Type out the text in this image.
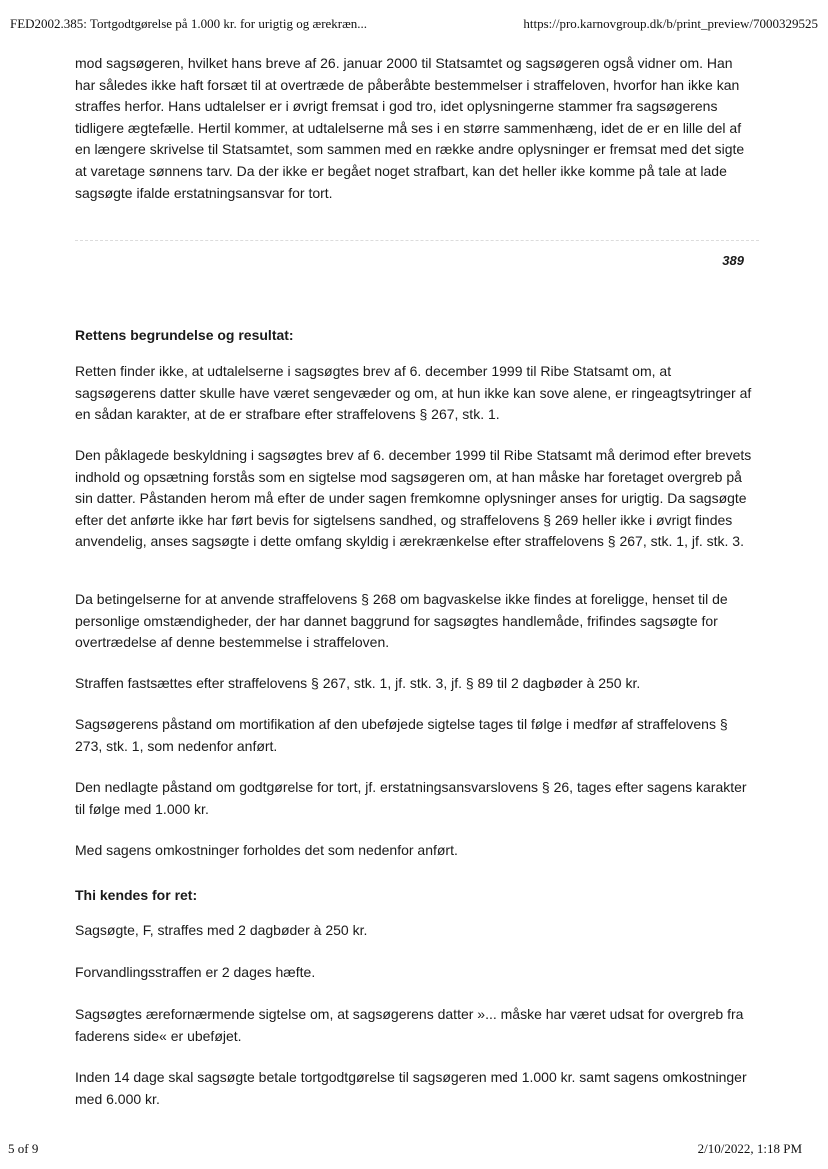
FED2002.385: Tortgodtgørelse på 1.000 kr. for urigtig og ærekræn...	https://pro.karnovgroup.dk/b/print_preview/7000329525

mod sagsøgeren, hvilket hans breve af 26. januar 2000 til Statsamtet og sagsøgeren også vidner om. Han har således ikke haft forsæt til at overtræde de påberåbte bestemmelser i straffeloven, hvorfor han ikke kan straffes herfor. Hans udtalelser er i øvrigt fremsat i god tro, idet oplysningerne stammer fra sagsøgerens tidligere ægtefælle. Hertil kommer, at udtalelserne må ses i en større sammenhæng, idet de er en lille del af en længere skrivelse til Statsamtet, som sammen med en række andre oplysninger er fremsat med det sigte at varetage sønnens tarv. Da der ikke er begået noget strafbart, kan det heller ikke komme på tale at lade sagsøgte ifalde erstatningsansvar for tort.

389
Rettens begrundelse og resultat:

Retten finder ikke, at udtalelserne i sagsøgtes brev af 6. december 1999 til Ribe Statsamt om, at sagsøgerens datter skulle have været sengevæder og om, at hun ikke kan sove alene, er ringeagtsytringer af en sådan karakter, at de er strafbare efter straffelovens § 267, stk. 1.

Den påklagede beskyldning i sagsøgtes brev af 6. december 1999 til Ribe Statsamt må derimod efter brevets indhold og opsætning forstås som en sigtelse mod sagsøgeren om, at han måske har foretaget overgreb på sin datter. Påstanden herom må efter de under sagen fremkomne oplysninger anses for urigtig. Da sagsøgte efter det anførte ikke har ført bevis for sigtelsens sandhed, og straffelovens § 269 heller ikke i øvrigt findes anvendelig, anses sagsøgte i dette omfang skyldig i ærekrænkelse efter straffelovens § 267, stk. 1, jf. stk. 3.

Da betingelserne for at anvende straffelovens § 268 om bagvaskelse ikke findes at foreligge, henset til de personlige omstændigheder, der har dannet baggrund for sagsøgtes handlemåde, frifindes sagsøgte for overtrædelse af denne bestemmelse i straffeloven.

Straffen fastsættes efter straffelovens § 267, stk. 1, jf. stk. 3, jf. § 89 til 2 dagbøder à 250 kr.

Sagsøgerens påstand om mortifikation af den ubeføjede sigtelse tages til følge i medfør af straffelovens § 273, stk. 1, som nedenfor anført.

Den nedlagte påstand om godtgørelse for tort, jf. erstatningsansvarslovens § 26, tages efter sagens karakter til følge med 1.000 kr.

Med sagens omkostninger forholdes det som nedenfor anført.

Thi kendes for ret:

Sagsøgte, F, straffes med 2 dagbøder à 250 kr.

Forvandlingsstraffen er 2 dages hæfte.

Sagsøgtes ærefornærmende sigtelse om, at sagsøgerens datter »... måske har været udsat for overgreb fra faderens side« er ubeføjet.

Inden 14 dage skal sagsøgte betale tortgodtgørelse til sagsøgeren med 1.000 kr. samt sagens omkostninger med 6.000 kr.

5 of 9	2/10/2022, 1:18 PM
